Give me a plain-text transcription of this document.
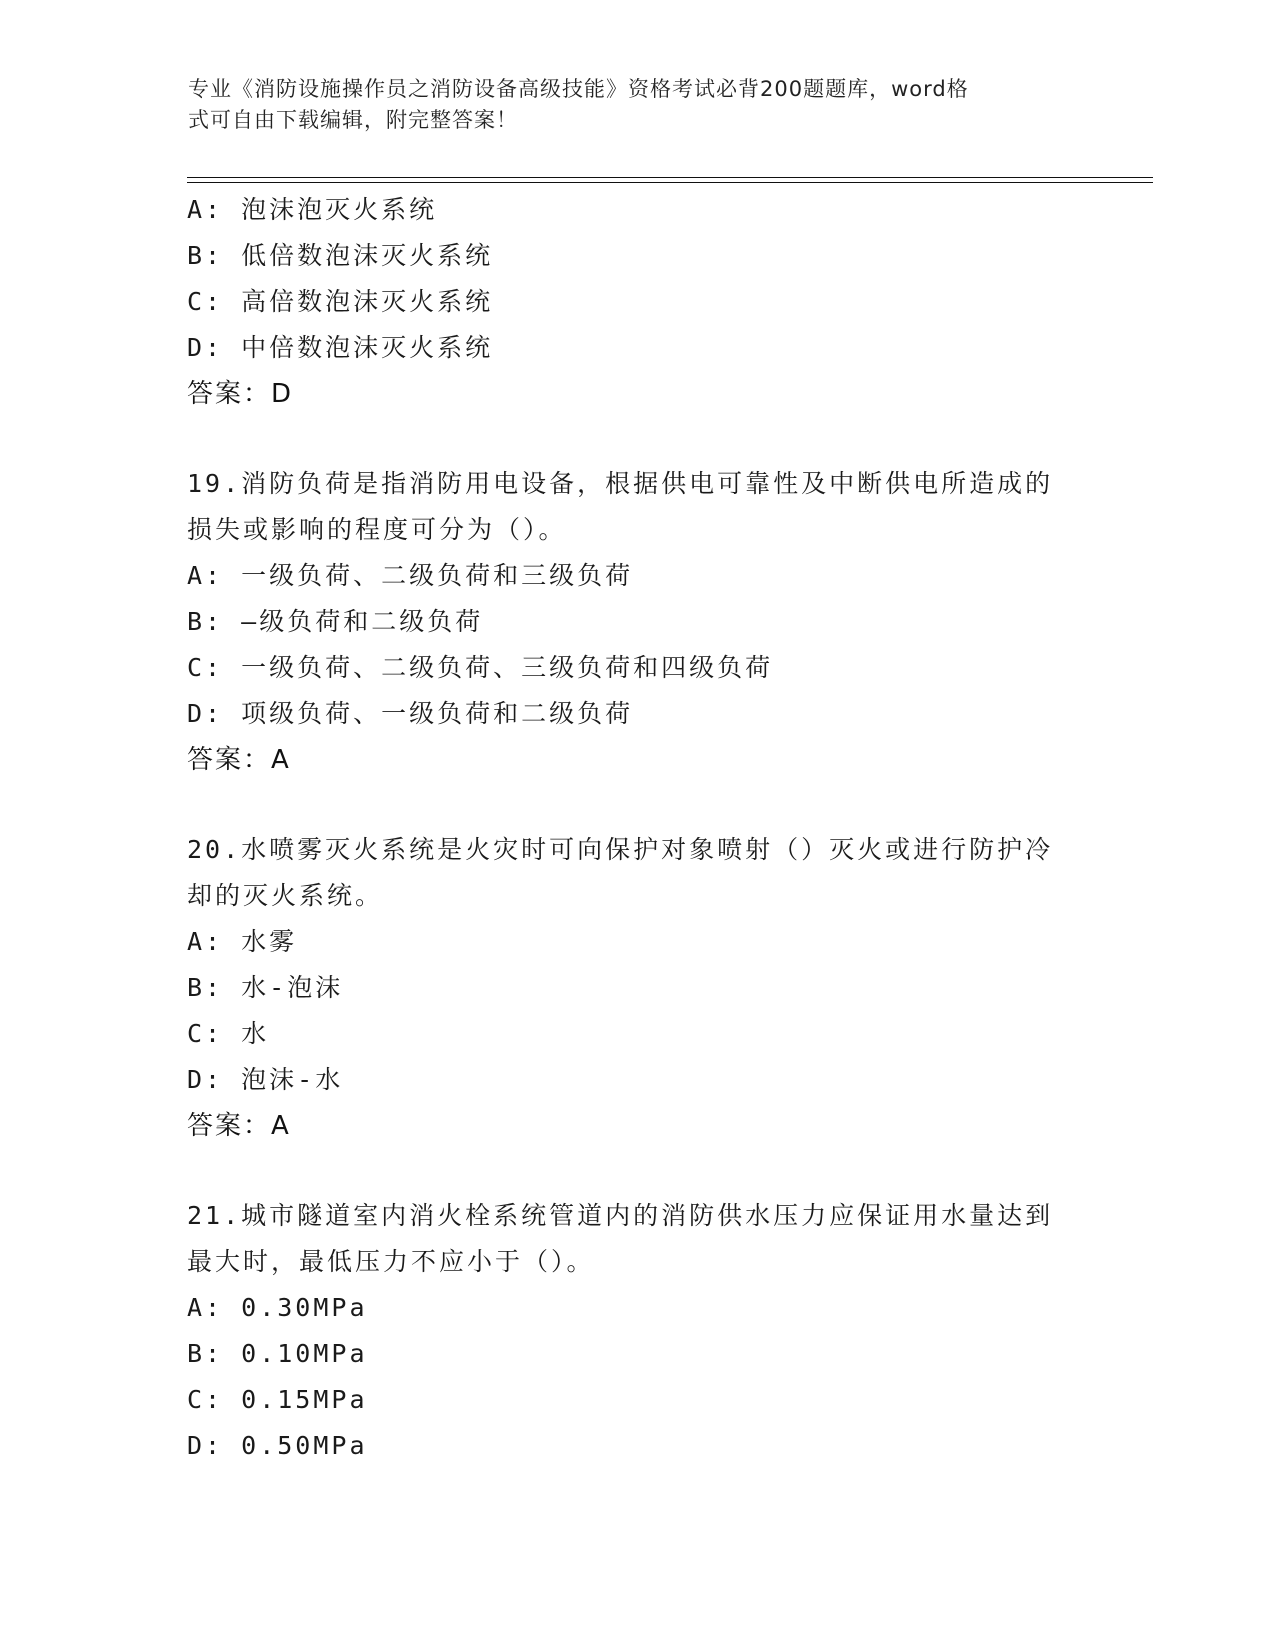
专业《消防设施操作员之消防设备高级技能》资格考试必背200题题库，word格
式可自由下载编辑，附完整答案！
A: 泡沫泡灭火系统
B: 低倍数泡沫灭火系统
C: 高倍数泡沫灭火系统
D: 中倍数泡沫灭火系统
答案：D
19.消防负荷是指消防用电设备，根据供电可靠性及中断供电所造成的
损失或影响的程度可分为（）。
A: 一级负荷、二级负荷和三级负荷
B: —级负荷和二级负荷
C: 一级负荷、二级负荷、三级负荷和四级负荷
D: 项级负荷、一级负荷和二级负荷
答案：A
20.水喷雾灭火系统是火灾时可向保护对象喷射（）灭火或进行防护冷
却的灭火系统。
A: 水雾
B: 水-泡沫
C: 水
D: 泡沫-水
答案：A
21.城市隧道室内消火栓系统管道内的消防供水压力应保证用水量达到
最大时，最低压力不应小于（）。
A: 0.30MPa
B: 0.10MPa
C: 0.15MPa
D: 0.50MPa
